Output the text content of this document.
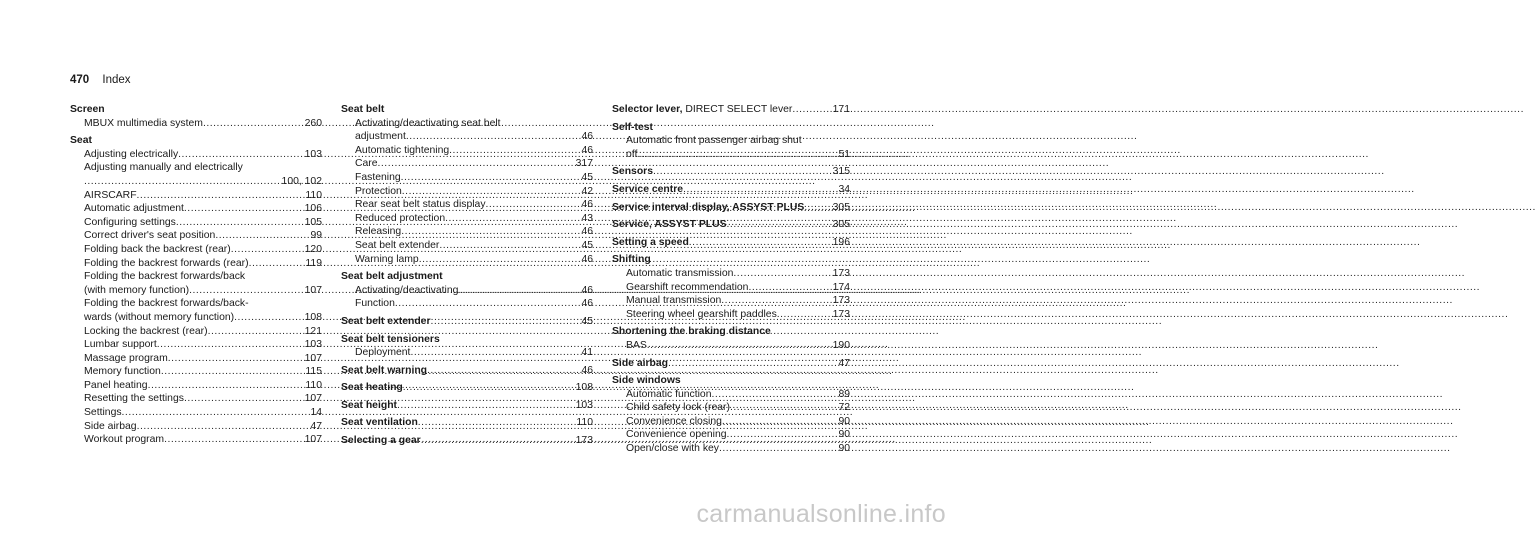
470 Index
Screen
MBUX multimedia system .....	260
Seat
Adjusting electrically .....	103
Adjusting manually and electrically
.....
100, 102
AIRSCARF .....	110
Automatic adjustment .....	106
Configuring settings .....	105
Correct driver's seat position .....	99
Folding back the backrest (rear) .....	120
Folding the backrest forwards (rear) .....	119
Folding the backrest forwards/back
(with memory function) .....	107
Folding the backrest forwards/back-
wards (without memory function) .....	108
Locking the backrest (rear) .....	121
Lumbar support .....	103
Massage program .....	107
Memory function .....	115
Panel heating .....	110
Resetting the settings .....	107
Settings .....	14
Side airbag .....	47
Workout program .....	107
Seat belt
Activating/deactivating seat belt
adjustment .....	46
Automatic tightening .....	46
Care .....	317
Fastening .....	45
Protection .....	42
Rear seat belt status display .....	46
Reduced protection .....	43
Releasing .....	46
Seat belt extender .....	45
Warning lamp .....	46
Seat belt adjustment
Activating/deactivating .....	46
Function .....	46
Seat belt extender .....	45
Seat belt tensioners
Deployment .....	41
Seat belt warning .....	46
Seat heating .....	108
Seat height .....	103
Seat ventilation .....	110
Selecting a gear .....	173
Selector lever, DIRECT SELECT lever .....	171
Self-test
Automatic front passenger airbag shut
off .....	51
Sensors .....	315
Service centre .....	34
Service interval display, ASSYST PLUS .....	305
Service, ASSYST PLUS .....	305
Setting a speed .....	196
Shifting
Automatic transmission .....	173
Gearshift recommendation .....	174
Manual transmission .....	173
Steering wheel gearshift paddles .....	173
Shortening the braking distance
BAS .....	190
Side airbag .....	47
Side windows
Automatic function .....	89
Child safety lock (rear) .....	72
Convenience closing .....	90
Convenience opening .....	90
Open/close with key .....	90
carmanualsonline.info
